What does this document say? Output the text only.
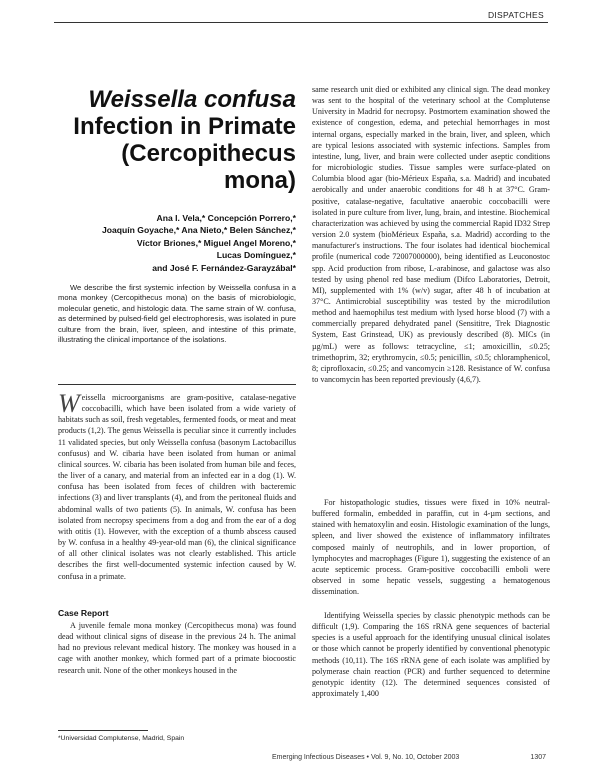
DISPATCHES
Weissella confusa
Infection in Primate
(Cercopithecus
mona)
Ana I. Vela,* Concepción Porrero,*
Joaquín Goyache,* Ana Nieto,* Belen Sánchez,*
Víctor Briones,* Miguel Angel Moreno,*
Lucas Domínguez,*
and José F. Fernández-Garayzábal*

We describe the first systemic infection by Weissella confusa in a mona monkey (Cercopithecus mona) on the basis of microbiologic, molecular genetic, and histologic data. The same strain of W. confusa, as determined by pulsed-field gel electrophoresis, was isolated in pure culture from the brain, liver, spleen, and intestine of this primate, illustrating the clinical importance of the isolations.

Weissella microorganisms are gram-positive, catalase-negative coccobacilli, which have been isolated from a wide variety of habitats such as soil, fresh vegetables, fermented foods, or meat and meat products (1,2). The genus Weissella is peculiar since it currently includes 11 validated species, but only Weissella confusa (basonym Lactobacillus confusus) and W. cibaria have been isolated from human or animal clinical sources. W. cibaria has been isolated from human bile and feces, the liver of a canary, and material from an infected ear in a dog (1). W. confusa has been isolated from feces of children with bacteremic infections (3) and liver transplants (4), and from the peritoneal fluids and abdominal walls of two patients (5). In animals, W. confusa has been isolated from necropsy specimens from a dog and from the ear of a dog with otitis (1). However, with the exception of a thumb abscess caused by W. confusa in a healthy 49-year-old man (6), the clinical significance of all other clinical isolates was not clearly established. This article describes the first well-documented systemic infection caused by W. confusa in a primate.
Case Report

A juvenile female mona monkey (Cercopithecus mona) was found dead without clinical signs of disease in the previous 24 h. The animal had no previous relevant medical history. The monkey was housed in a cage with another monkey, which formed part of a primate biocoostic research unit. None of the other monkeys housed in the

*Universidad Complutense, Madrid, Spain

same research unit died or exhibited any clinical sign. The dead monkey was sent to the hospital of the veterinary school at the Complutense University in Madrid for necropsy. Postmortem examination showed the existence of congestion, edema, and petechial hemorrhages in most internal organs, especially marked in the brain, liver, and spleen, which are typical lesions associated with systemic infections. Samples from intestine, lung, liver, and brain were collected under aseptic conditions for microbiologic studies. Tissue samples were surface-plated on Columbia blood agar (bio-Mérieux España, s.a. Madrid) and incubated aerobically and under anaerobic conditions for 48 h at 37°C. Gram-positive, catalase-negative, facultative anaerobic coccobacilli were isolated in pure culture from liver, lung, brain, and intestine. Biochemical characterization was achieved by using the commercial Rapid ID32 Strep version 2.0 system (bioMérieux España, s.a. Madrid) according to the manufacturer's instructions. The four isolates had identical biochemical profile (numerical code 72007000000), being identified as Leuconostoc spp. Acid production from ribose, L-arabinose, and galactose was also tested by using phenol red base medium (Difco Laboratories, Detroit, MI), supplemented with 1% (w/v) sugar, after 48 h of incubation at 37°C. Antimicrobial susceptibility was tested by the microdilution method and haemophilus test medium with lysed horse blood (7) with a commercially prepared dehydrated panel (Sensititre, Trek Diagnostic System, East Grinstead, UK) as previously described (8). MICs (in µg/mL) were as follows: tetracycline, ≤1; amoxicillin, ≤0.25; trimethoprim, 32; erythromycin, ≤0.5; penicillin, ≤0.5; chloramphenicol, 8; ciprofloxacin, ≤0.25; and vancomycin ≥128. Resistance of W. confusa to vancomycin has been reported previously (4,6,7).

For histopathologic studies, tissues were fixed in 10% neutral-buffered formalin, embedded in paraffin, cut in 4-µm sections, and stained with hematoxylin and eosin. Histologic examination of the lungs, spleen, and liver showed the existence of inflammatory infiltrates composed mainly of neutrophils, and in lower proportion, of lymphocytes and macrophages (Figure 1), suggesting the existence of an acute septicemic process. Gram-positive coccobacilli emboli were observed in some hepatic vessels, suggesting a hematogenous dissemination.

Identifying Weissella species by classic phenotypic methods can be difficult (1,9). Comparing the 16S rRNA gene sequences of bacterial species is a useful approach for the identifying unusual clinical isolates or those which cannot be properly identified by conventional phenotypic methods (10,11). The 16S rRNA gene of each isolate was amplified by polymerase chain reaction (PCR) and further sequenced to determine genotypic identity (12). The determined sequences consisted of approximately 1,400

Emerging Infectious Diseases • Vol. 9, No. 10, October 2003	1307
